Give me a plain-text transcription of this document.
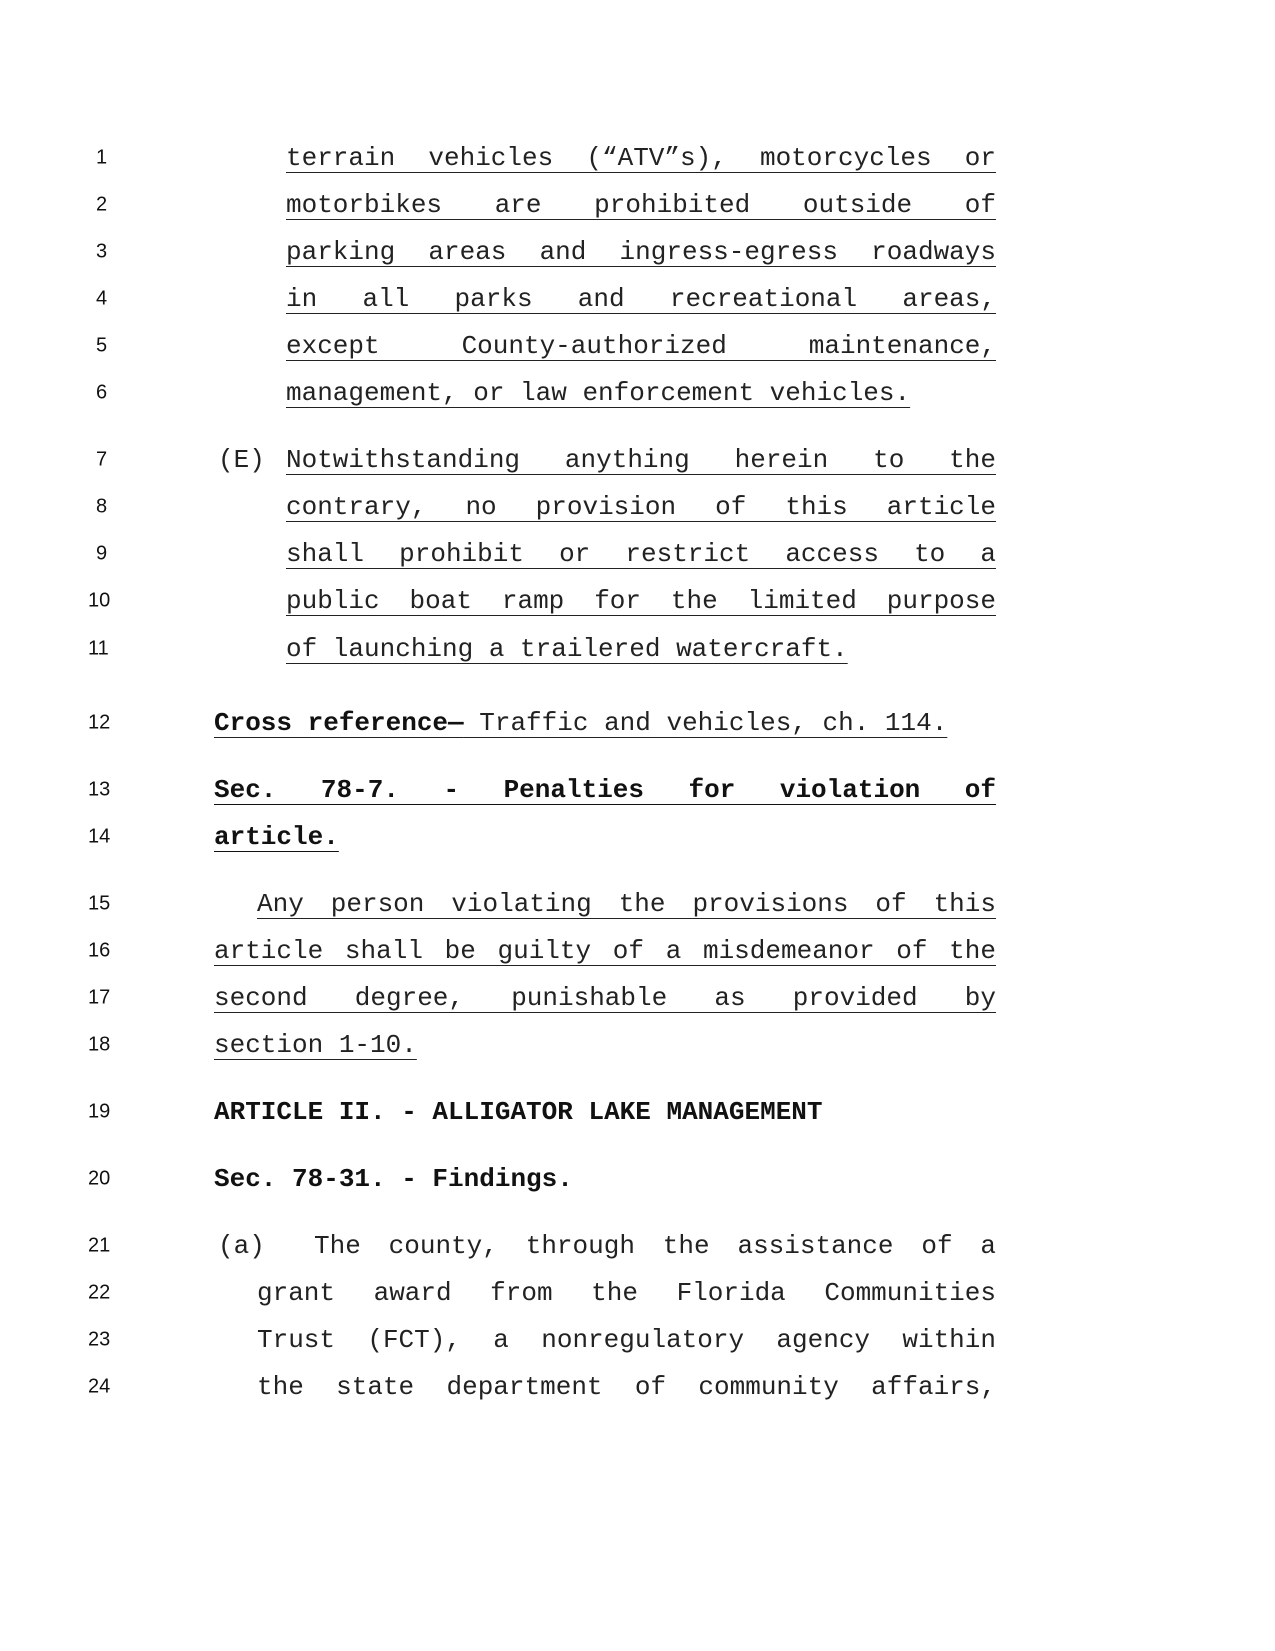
1
2
3
4
5
6
7
8
9
10
11
12
13
14
15
16
17
18
19
20
21
22
23
24
terrain vehicles (“ATV”s), motorcycles or
motorbikes are prohibited outside of
parking areas and ingress-egress roadways
in all parks and recreational areas,
except County-authorized maintenance,
management, or law enforcement vehicles.
(E) Notwithstanding anything herein to the
contrary, no provision of this article
shall prohibit or restrict access to a
public boat ramp for the limited purpose
of launching a trailered watercraft.
Cross reference— Traffic and vehicles, ch. 114.
Sec. 78-7. - Penalties for violation of
article.
Any person violating the provisions of this
article shall be guilty of a misdemeanor of the
second degree, punishable as provided by
section 1-10.
ARTICLE II. - ALLIGATOR LAKE MANAGEMENT
Sec. 78-31. - Findings.
(a) The county, through the assistance of a
grant award from the Florida Communities
Trust (FCT), a nonregulatory agency within
the state department of community affairs,
